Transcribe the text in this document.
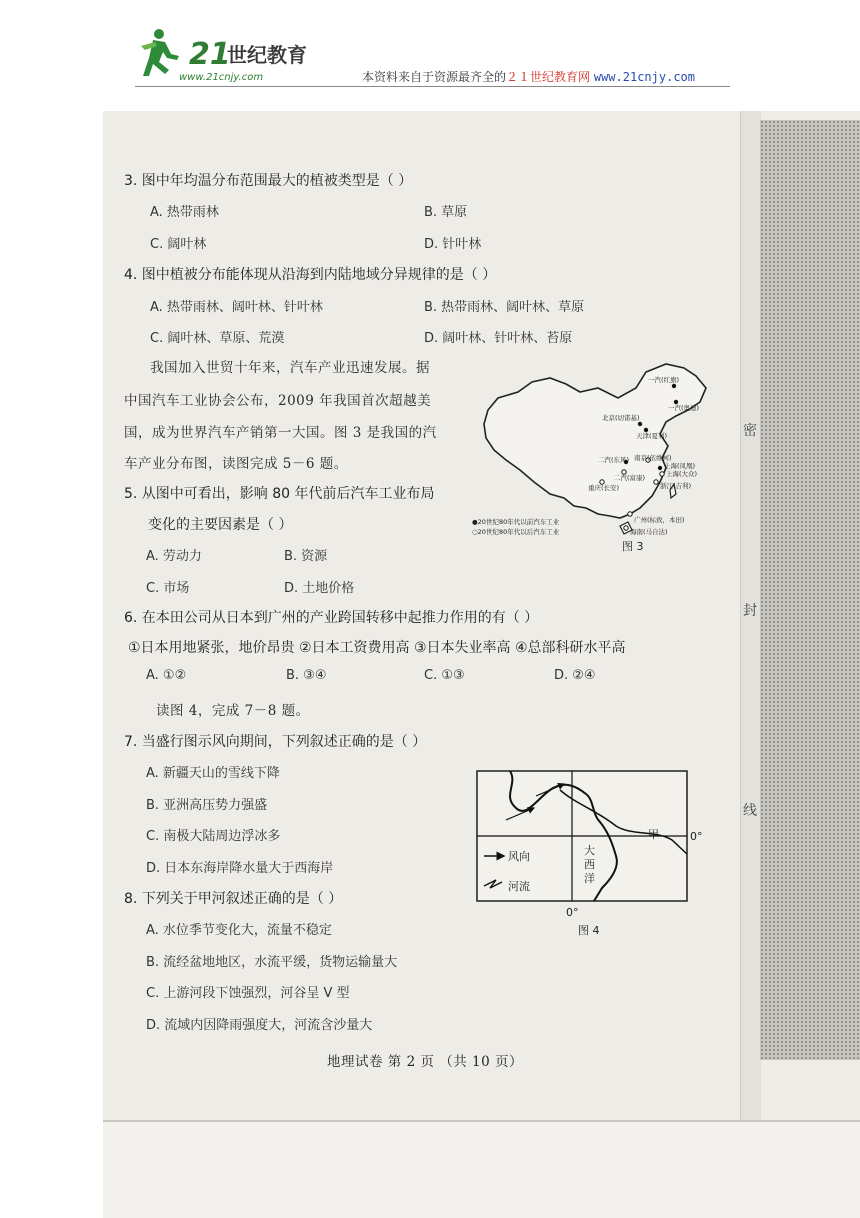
21
世纪教育
www.21cnjy.com	本资料来自于资源最齐全的２１世纪教育网 www.21cnjy.com
密
封
线
3. 图中年均温分布范围最大的植被类型是（ ）
A. 热带雨林	B. 草原
C. 阔叶林	D. 针叶林
4. 图中植被分布能体现从沿海到内陆地域分异规律的是（ ）
A. 热带雨林、阔叶林、针叶林	B. 热带雨林、阔叶林、草原
C. 阔叶林、草原、荒漠	D. 阔叶林、针叶林、苔原
我国加入世贸十年来，汽车产业迅速发展。据
中国汽车工业协会公布，2009 年我国首次超越美
国，成为世界汽车产销第一大国。图 3 是我国的汽
车产业分布图，读图完成 5－6 题。
5. 从图中可看出，影响 80 年代前后汽车工业布局
变化的主要因素是（ ）
A. 劳动力	B. 资源
C. 市场	D. 土地价格
一汽(红旗)
一汽(奥迪)
北京(切诺基)
天津(夏利)
二汽(东风) 南京(依维柯)
上海(凤凰)
上海(大众)
二汽(富康)
浙江(吉利)
重庆(长安)
广州(标致，本田)
海南(马自达)
●20世纪80年代以前汽车工业
○20世纪80年代以后汽车工业
图 3
6. 在本田公司从日本到广州的产业跨国转移中起推力作用的有（ ）
①日本用地紧张，地价昂贵 ②日本工资费用高 ③日本失业率高 ④总部科研水平高
A. ①②	B. ③④	C. ①③	D. ②④
读图 4，完成 7－8 题。
7. 当盛行图示风向期间，下列叙述正确的是（ ）
A. 新疆天山的雪线下降
B. 亚洲高压势力强盛
C. 南极大陆周边浮冰多
D. 日本东海岸降水量大于西海岸
风向
河流
大
西
洋
甲	0°
0°
图 4
8. 下列关于甲河叙述正确的是（ ）
A. 水位季节变化大，流量不稳定
B. 流经盆地地区，水流平缓，货物运输量大
C. 上游河段下蚀强烈，河谷呈 V 型
D. 流域内因降雨强度大，河流含沙量大
地理试卷 第 2 页 （共 10 页）
